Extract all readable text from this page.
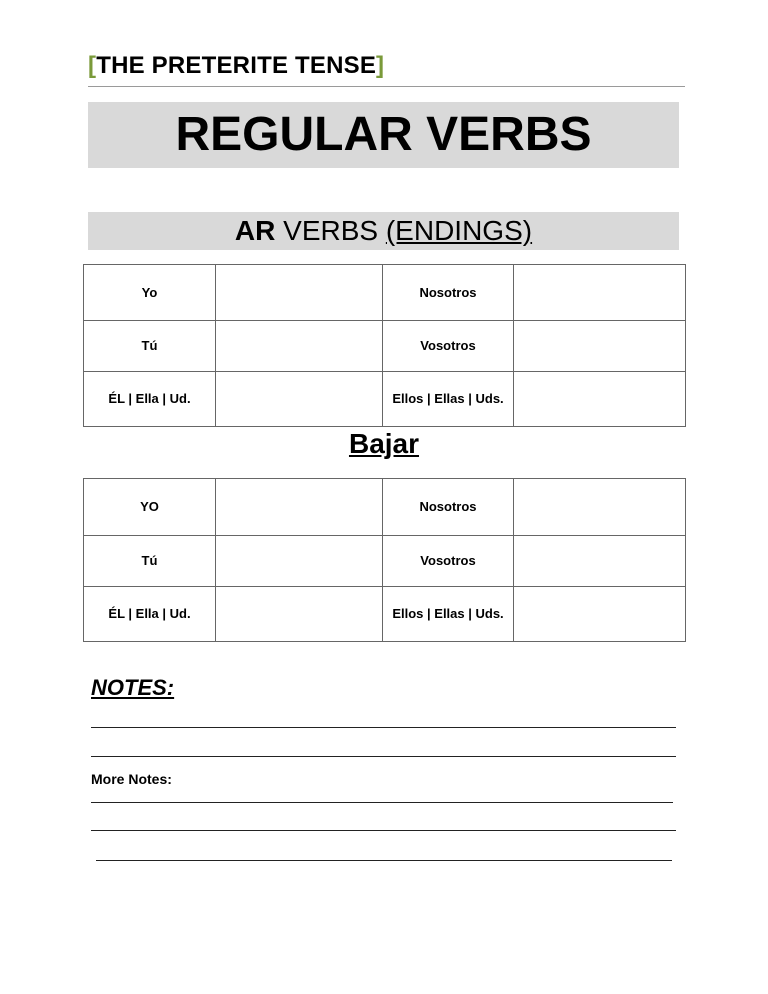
[THE PRETERITE TENSE]
REGULAR VERBS
AR VERBS (ENDINGS)
Yo		Nosotros	
Tú		Vosotros	
ÉL | Ella | Ud.		Ellos | Ellas | Uds.	
Bajar
YO		Nosotros	
Tú		Vosotros	
ÉL | Ella | Ud.		Ellos | Ellas | Uds.	
NOTES:
More Notes:
